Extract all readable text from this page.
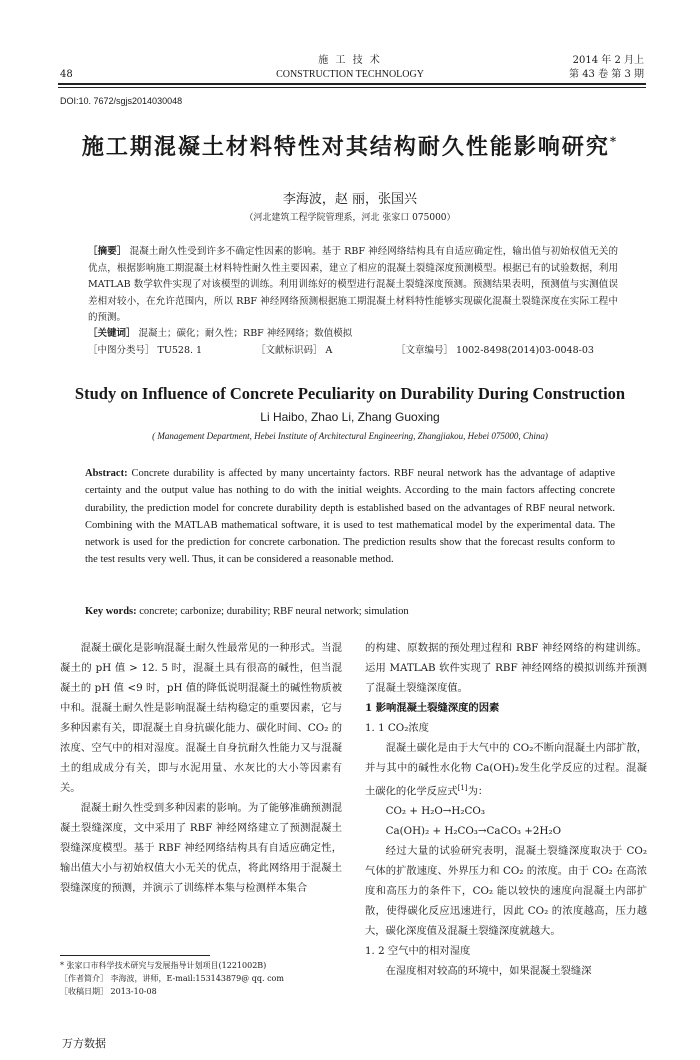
48
施 工 技 术
CONSTRUCTION TECHNOLOGY
2014 年 2 月上
第 43 卷 第 3 期
DOI:10. 7672/sgjs2014030048
施工期混凝土材料特性对其结构耐久性能影响研究*
李海波，赵 丽，张国兴
（河北建筑工程学院管理系，河北 张家口 075000）
［摘要］ 混凝土耐久性受到许多不确定性因素的影响。基于 RBF 神经网络结构具有自适应确定性，输出值与初始权值无关的优点，根据影响施工期混凝土材料特性耐久性主要因素，建立了相应的混凝土裂缝深度预测模型。根据已有的试验数据，利用 MATLAB 数学软件实现了对该模型的训练。利用训练好的模型进行混凝土裂缝深度预测。预测结果表明，预测值与实测值误差相对较小，在允许范围内，所以 RBF 神经网络预测根据施工期混凝土材料特性能够实现碳化混凝土裂缝深度在实际工程中的预测。
［关键词］ 混凝土；碳化；耐久性；RBF 神经网络；数值模拟
［中图分类号］ TU528. 1	［文献标识码］ A	［文章编号］ 1002-8498(2014)03-0048-03
Study on Influence of Concrete Peculiarity on Durability During Construction
Li Haibo, Zhao Li, Zhang Guoxing
( Management Department, Hebei Institute of Architectural Engineering, Zhangjiakou, Hebei 075000, China)
Abstract: Concrete durability is affected by many uncertainty factors. RBF neural network has the advantage of adaptive certainty and the output value has nothing to do with the initial weights. According to the main factors affecting concrete durability, the prediction model for concrete durability depth is established based on the advantages of RBF neural network. Combining with the MATLAB mathematical software, it is used to test mathematical model by the experimental data. The network is used for the prediction for concrete carbonation. The prediction results show that the forecast results conform to the test results very well. Thus, it can be considered a reasonable method.
Key words: concrete; carbonize; durability; RBF neural network; simulation

混凝土碳化是影响混凝土耐久性最常见的一种形式。当混凝土的 pH 值 > 12. 5 时，混凝土具有很高的碱性，但当混凝土的 pH 值 <9 时，pH 值的降低说明混凝土的碱性物质被中和。混凝土耐久性是影响混凝土结构稳定的重要因素，它与多种因素有关，即混凝土自身抗碳化能力、碳化时间、CO₂ 的浓度、空气中的相对湿度。混凝土自身抗耐久性能力又与混凝土的组成成分有关，即与水泥用量、水灰比的大小等因素有关。

混凝土耐久性受到多种因素的影响。为了能够准确预测混凝土裂缝深度，文中采用了 RBF 神经网络建立了预测混凝土裂缝深度模型。基于 RBF 神经网络结构具有自适应确定性，输出值大小与初始权值大小无关的优点，将此网络用于混凝土裂缝深度的预测，并演示了训练样本集与检测样本集合

的构建、原数据的预处理过程和 RBF 神经网络的构建训练。运用 MATLAB 软件实现了 RBF 神经网络的模拟训练并预测了混凝土裂缝深度值。

1 影响混凝土裂缝深度的因素

1. 1 CO₂浓度

混凝土碳化是由于大气中的 CO₂不断向混凝土内部扩散，并与其中的碱性水化物 Ca(OH)₂发生化学反应的过程。混凝土碳化的化学反应式[1]为：

CO₂ + H₂O→H₂CO₃

Ca(OH)₂ + H₂CO₃→CaCO₃ +2H₂O

经过大量的试验研究表明，混凝土裂缝深度取决于 CO₂ 气体的扩散速度、外界压力和 CO₂ 的浓度。由于 CO₂ 在高浓度和高压力的条件下，CO₂ 能以较快的速度向混凝土内部扩散，使得碳化反应迅速进行，因此 CO₂ 的浓度越高，压力越大，碳化深度值及混凝土裂缝深度就越大。

1. 2 空气中的相对湿度

在湿度相对较高的环境中，如果混凝土裂缝深

* 张家口市科学技术研究与发展指导计划项目(1221002B)
［作者简介］ 李海波，讲师，E-mail:153143879@ qq. com
［收稿日期］ 2013-10-08
万方数据
